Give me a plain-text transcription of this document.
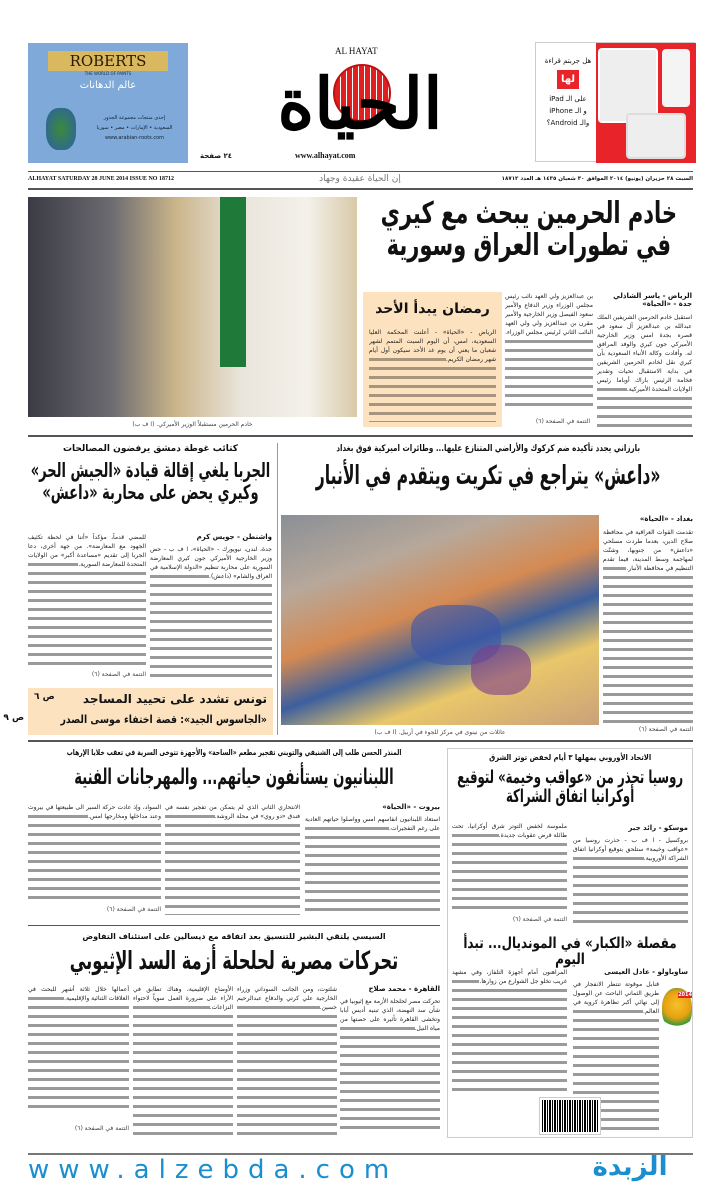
ROBERTS
THE WORLD OF PAINTS
عالم الدهانات
إحدى منتجات مجموعة الجذور
السعودية • الإمارات • مصر • سوريا
www.arabian-roots.com
AL HAYAT
الحياة
www.alhayat.com
٢٤ صفحة
هل جربتم قراءة
لها
على الـ iPad
و الـ iPhone
والـ Android؟
ALHAYAT SATURDAY 28 JUNE 2014 ISSUE NO 18712	إن الحياة عقيدة وجهاد	السبت ٢٨ حزيران (يونيو) ٢٠١٤ الموافق ٣٠ شعبان ١٤٣٥ هـ العدد ١٨٧١٢
خادم الحرمين مستقبلاً الوزير الأميركي. (ا ف ب)
خادم الحرمين يبحث مع كيري في تطورات العراق وسورية
الرياض - ياسر الشاذلي
جدة - «الحياة»
استقبل خادم الحرمين الشريفين الملك عبدالله بن عبدالعزيز آل سعود في قصره بجدة امس وزير الخارجية الأميركي جون كيري والوفد المرافق له. وأفادت وكالة الأنباء السعودية بأن كيري نقل لخادم الحرمين الشريفين في بداية الاستقبال تحيات وتقدير فخامة الرئيس باراك أوباما رئيس الولايات المتحدة الأميركية.
بن عبدالعزيز ولي العهد نائب رئيس مجلس الوزراء وزير الدفاع والأمير سعود الفيصل وزير الخارجية والأمير مقرن بن عبدالعزيز ولي ولي العهد النائب الثاني لرئيس مجلس الوزراء.
التتمة في الصفحة (٦)
رمضان يبدأ الأحد
الرياض - «الحياة» - أعلنت المحكمة العليا السعودية، امس، أن اليوم السبت المتمم لشهر شعبان ما يعني أن يوم غد الأحد سيكون أول أيام شهر رمضان الكريم.
بارزاني يجدد تأكيده ضم كركوك والأراضي المتنازع عليها... وطائرات اميركية فوق بغداد
«داعش» يتراجع في تكريت ويتقدم في الأنبار
عائلات من نينوى في مركز للجوء في أربيل. (ا ف ب)
بغداد - «الحياة»
تقدمت القوات العراقية في محافظة صلاح الدين، بعدما طردت مسلحي «داعش» من جنوبها، وشنّت لمهاجمة وسط المدينة، فيما تقدم التنظيم في محافظة الأنبار.
التتمة في الصفحة (٦)
كتائب غوطة دمشق يرفضون المصالحات
الجربا يلغي إقالة قيادة «الجيش الحر» وكيري يحض على محاربة «داعش»
واشنطن - جويس كرم
جدة، لندن، نيويورك - «الحياة»، ا ف ب - حض وزير الخارجية الأميركي جون كيري المعارضة السورية على محاربة تنظيم «الدولة الإسلامية في العراق والشام» (داعش).
للمضي قدماً، مؤكداً «أننا في لحظة تكثيف الجهود مع المعارضة». من جهة أخرى، دعا الجربا إلى تقديم «مساعدة أكبر» من الولايات المتحدة للمعارضة السورية.
التتمة في الصفحة (٦)
تونس تشدد على تحييد المساجد
ص ٦
«الجاسوس الجيد»: قصة اختفاء موسى الصدر
ص ٩
المنذر الحسن طلب إلى الشنيفي والتويني تفجير مطعم «الساحة» والأجهزة تتوخى السرية في تعقب خلايا الإرهاب
اللبنانيون يستأنفون حياتهم... والمهرجانات الفنية
بيروت - «الحياة»
استعاد اللبنانيون انفاسهم امس وواصلوا حياتهم العادية على رغم التفجيرات.
الانتحاري الثاني الذي لم يتمكن من تفجير نفسه في فندق «دو روي» في محلة الروشة.
السواد، وإذ عادت حركة السير الى طبيعتها في بيروت وعند مداخلها ومخارجها امس.
التتمة في الصفحة (٦)
الاتحاد الأوروبي يمهلها ٣ أيام لخفض توتر الشرق
روسيا تحذر من «عواقب وخيمة» لتوقيع أوكرانيا اتفاق الشراكة
موسكو - رائد جبر
بروكسيل - ا ف ب - حذرت روسيا من «عواقب وخيمة» ستلحق بتوقيع أوكرانيا اتفاق الشراكة الأوروبية.
ملموسة لخفض التوتر شرق أوكرانيا، تحت طائلة فرض عقوبات جديدة.
التتمة في الصفحة (٦)
مقصلة «الكبار» في المونديال... تبدأ اليوم
ساوباولو - عادل العيسى
2014
قنابل موقوتة تنتظر الانفجار في طريق الثماني الباحث عن الوصول إلى نهائي أكبر تظاهرة كروية في العالم.
المراهنون أمام أجهزة التلفاز، وفي مشهد غريب تخلو جل الشوارع من زوارها.
السيسي يلتقي البشير للتنسيق بعد اتفاقه مع ديسالين على استئناف التفاوض
تحركات مصرية لحلحلة أزمة السد الإثيوبي
القاهرة - محمد صلاح
تحركت مصر لحلحلة الأزمة مع إثيوبيا في شأن سد النهضة، الذي تبنيه أديس أبابا وتخشى القاهرة تأثيره على حصتها من مياه النيل.
شلتوت، ومن الجانب السوداني وزراء الخارجية علي كرتي والدفاع عبدالرحيم حسين.
الأوضاع الإقليمية، وهناك تطابق في الآراء على ضرورة العمل سوياً لاحتواء النزاعات.
أعمالها خلال ثلاثة أشهر للبحث في العلاقات الثنائية والإقليمية.
التتمة في الصفحة (٦)
www.alzebda.com	الزبدة
